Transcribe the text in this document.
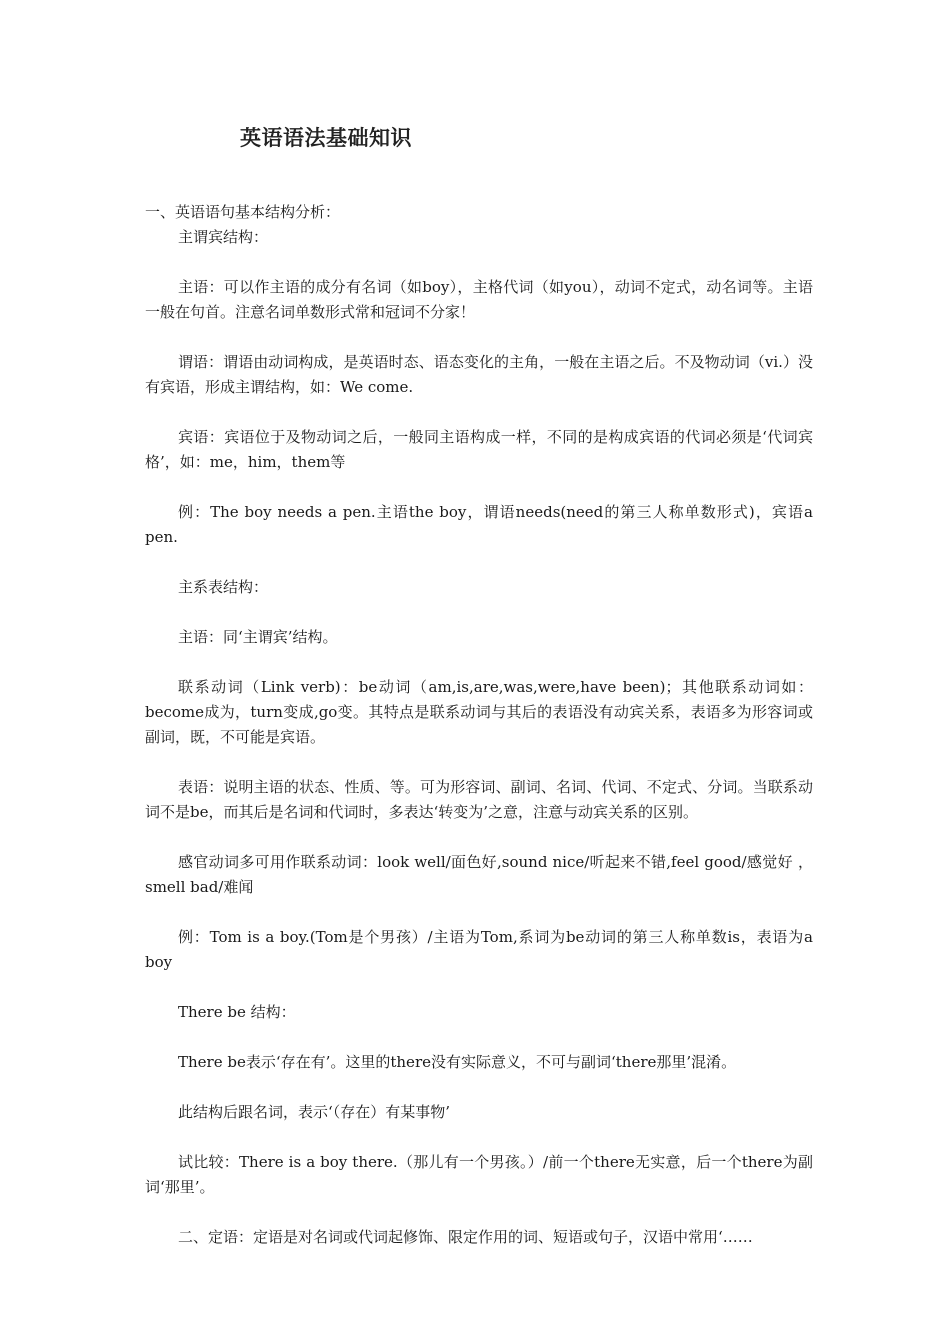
英语语法基础知识

一、英语语句基本结构分析：

主谓宾结构：

主语：可以作主语的成分有名词（如boy），主格代词（如you），动词不定式，动名词等。主语一般在句首。注意名词单数形式常和冠词不分家！

谓语：谓语由动词构成，是英语时态、语态变化的主角，一般在主语之后。不及物动词（vi.）没有宾语，形成主谓结构，如：We come.

宾语：宾语位于及物动词之后，一般同主语构成一样，不同的是构成宾语的代词必须是‘代词宾格’，如：me，him，them等

例：The boy needs a pen.主语the boy，谓语needs(need的第三人称单数形式)，宾语a pen.

主系表结构：

主语：同‘主谓宾’结构。

联系动词（Link verb)：be动词（am,is,are,was,were,have been)；其他联系动词如：become成为，turn变成,go变。其特点是联系动词与其后的表语没有动宾关系，表语多为形容词或副词，既，不可能是宾语。

表语：说明主语的状态、性质、等。可为形容词、副词、名词、代词、不定式、分词。当联系动词不是be，而其后是名词和代词时，多表达‘转变为’之意，注意与动宾关系的区别。

感官动词多可用作联系动词：look well/面色好,sound nice/听起来不错,feel good/感觉好 ，smell bad/难闻

例：Tom is a boy.(Tom是个男孩）/主语为Tom,系词为be动词的第三人称单数is，表语为a boy

There be 结构：

There be表示‘存在有’。这里的there没有实际意义，不可与副词‘there那里’混淆。

此结构后跟名词，表示‘（存在）有某事物’

试比较：There is a boy there.（那儿有一个男孩。）/前一个there无实意，后一个there为副词‘那里’。

二、定语：定语是对名词或代词起修饰、限定作用的词、短语或句子，汉语中常用‘……
